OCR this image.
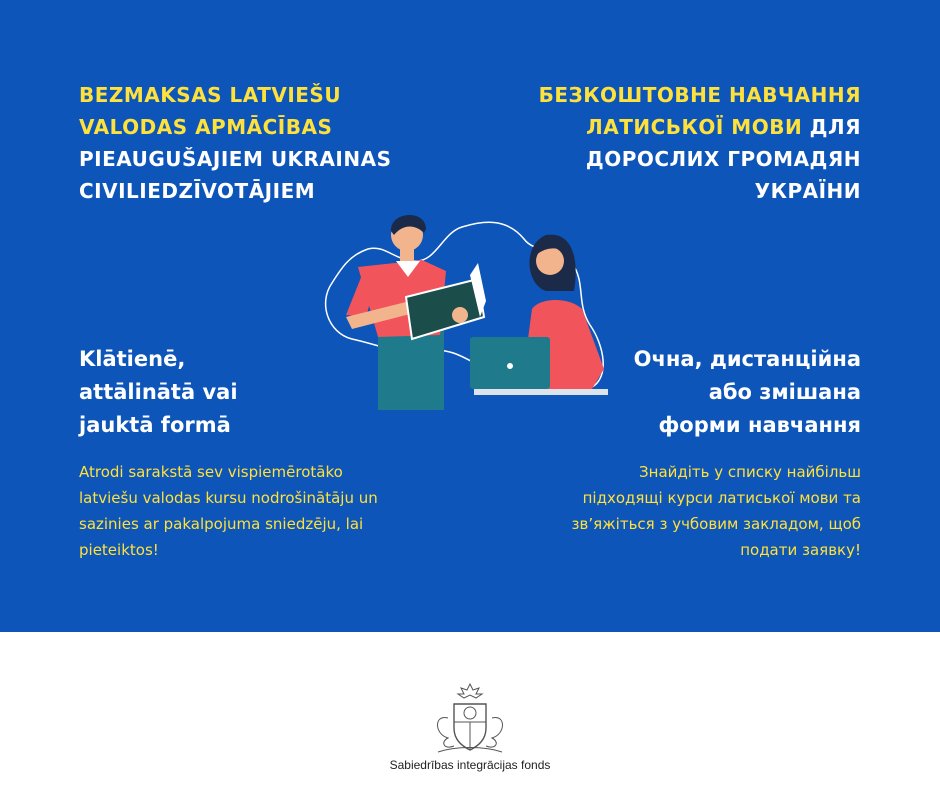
BEZMAKSAS LATVIEŠU
VALODAS APMĀCĪBAS
PIEAUGUŠAJIEM UKRAINAS
CIVILIEDZĪVOTĀJIEM
БЕЗКОШТОВНЕ НАВЧАННЯ
ЛАТИСЬКОЇ МОВИ ДЛЯ
ДОРОСЛИХ ГРОМАДЯН
УКРАЇНИ

Klātienē,
attālinātā vai
jauktā formā

Очна, дистанційна
або змішана
форми навчання

Atrodi sarakstā sev vispiemērotāko
latviešu valodas kursu nodrošinātāju un
sazinies ar pakalpojuma sniedzēju, lai
pieteiktos!

Знайдіть у списку найбільш
підходящі курси латиської мови та
зв’яжіться з учбовим закладом, щоб
подати заявку!

Sabiedrības integrācijas fonds
